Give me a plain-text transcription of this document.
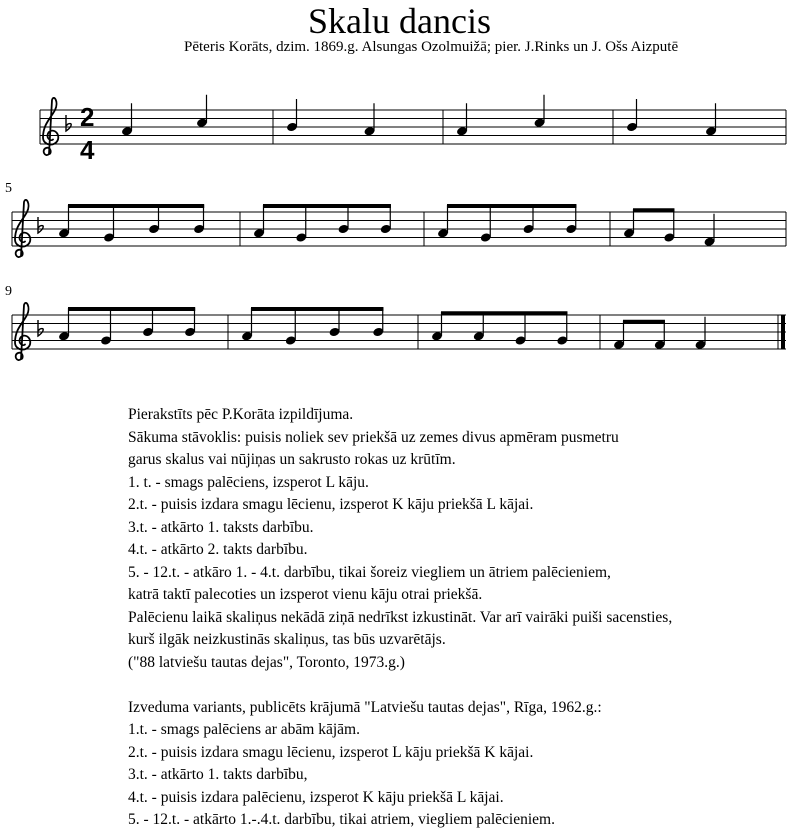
Skalu dancis
Pēteris Korāts, dzim. 1869.g. Alsungas Ozolmuižā; pier. J.Rinks un J. Ošs Aizputē
2
4
5
9
Pierakstīts pēc P.Korāta izpildījuma.
Sākuma stāvoklis: puisis noliek sev priekšā uz zemes divus apmēram pusmetru
garus skalus vai nūjiņas un sakrusto rokas uz krūtīm.
1. t. - smags palēciens, izsperot L kāju.
2.t. - puisis izdara smagu lēcienu, izsperot K kāju priekšā L kājai.
3.t. - atkārto 1. taksts darbību.
4.t. - atkārto 2. takts darbību.
5. - 12.t. - atkāro 1. - 4.t. darbību, tikai šoreiz viegliem un ātriem palēcieniem,
katrā taktī palecoties un izsperot vienu kāju otrai priekšā.
Palēcienu laikā skaliņus nekādā ziņā nedrīkst izkustināt. Var arī vairāki puiši sacensties,
kurš ilgāk neizkustinās skaliņus, tas būs uzvarētājs.
("88 latviešu tautas dejas", Toronto, 1973.g.)
Izveduma variants, publicēts krājumā "Latviešu tautas dejas", Rīga, 1962.g.:
1.t. - smags palēciens ar abām kājām.
2.t. - puisis izdara smagu lēcienu, izsperot L kāju priekšā K kājai.
3.t. - atkārto 1. takts darbību,
4.t. - puisis izdara palēcienu, izsperot K kāju priekšā L kājai.
5. - 12.t. - atkārto 1.-.4.t. darbību, tikai atriem, viegliem palēcieniem.
